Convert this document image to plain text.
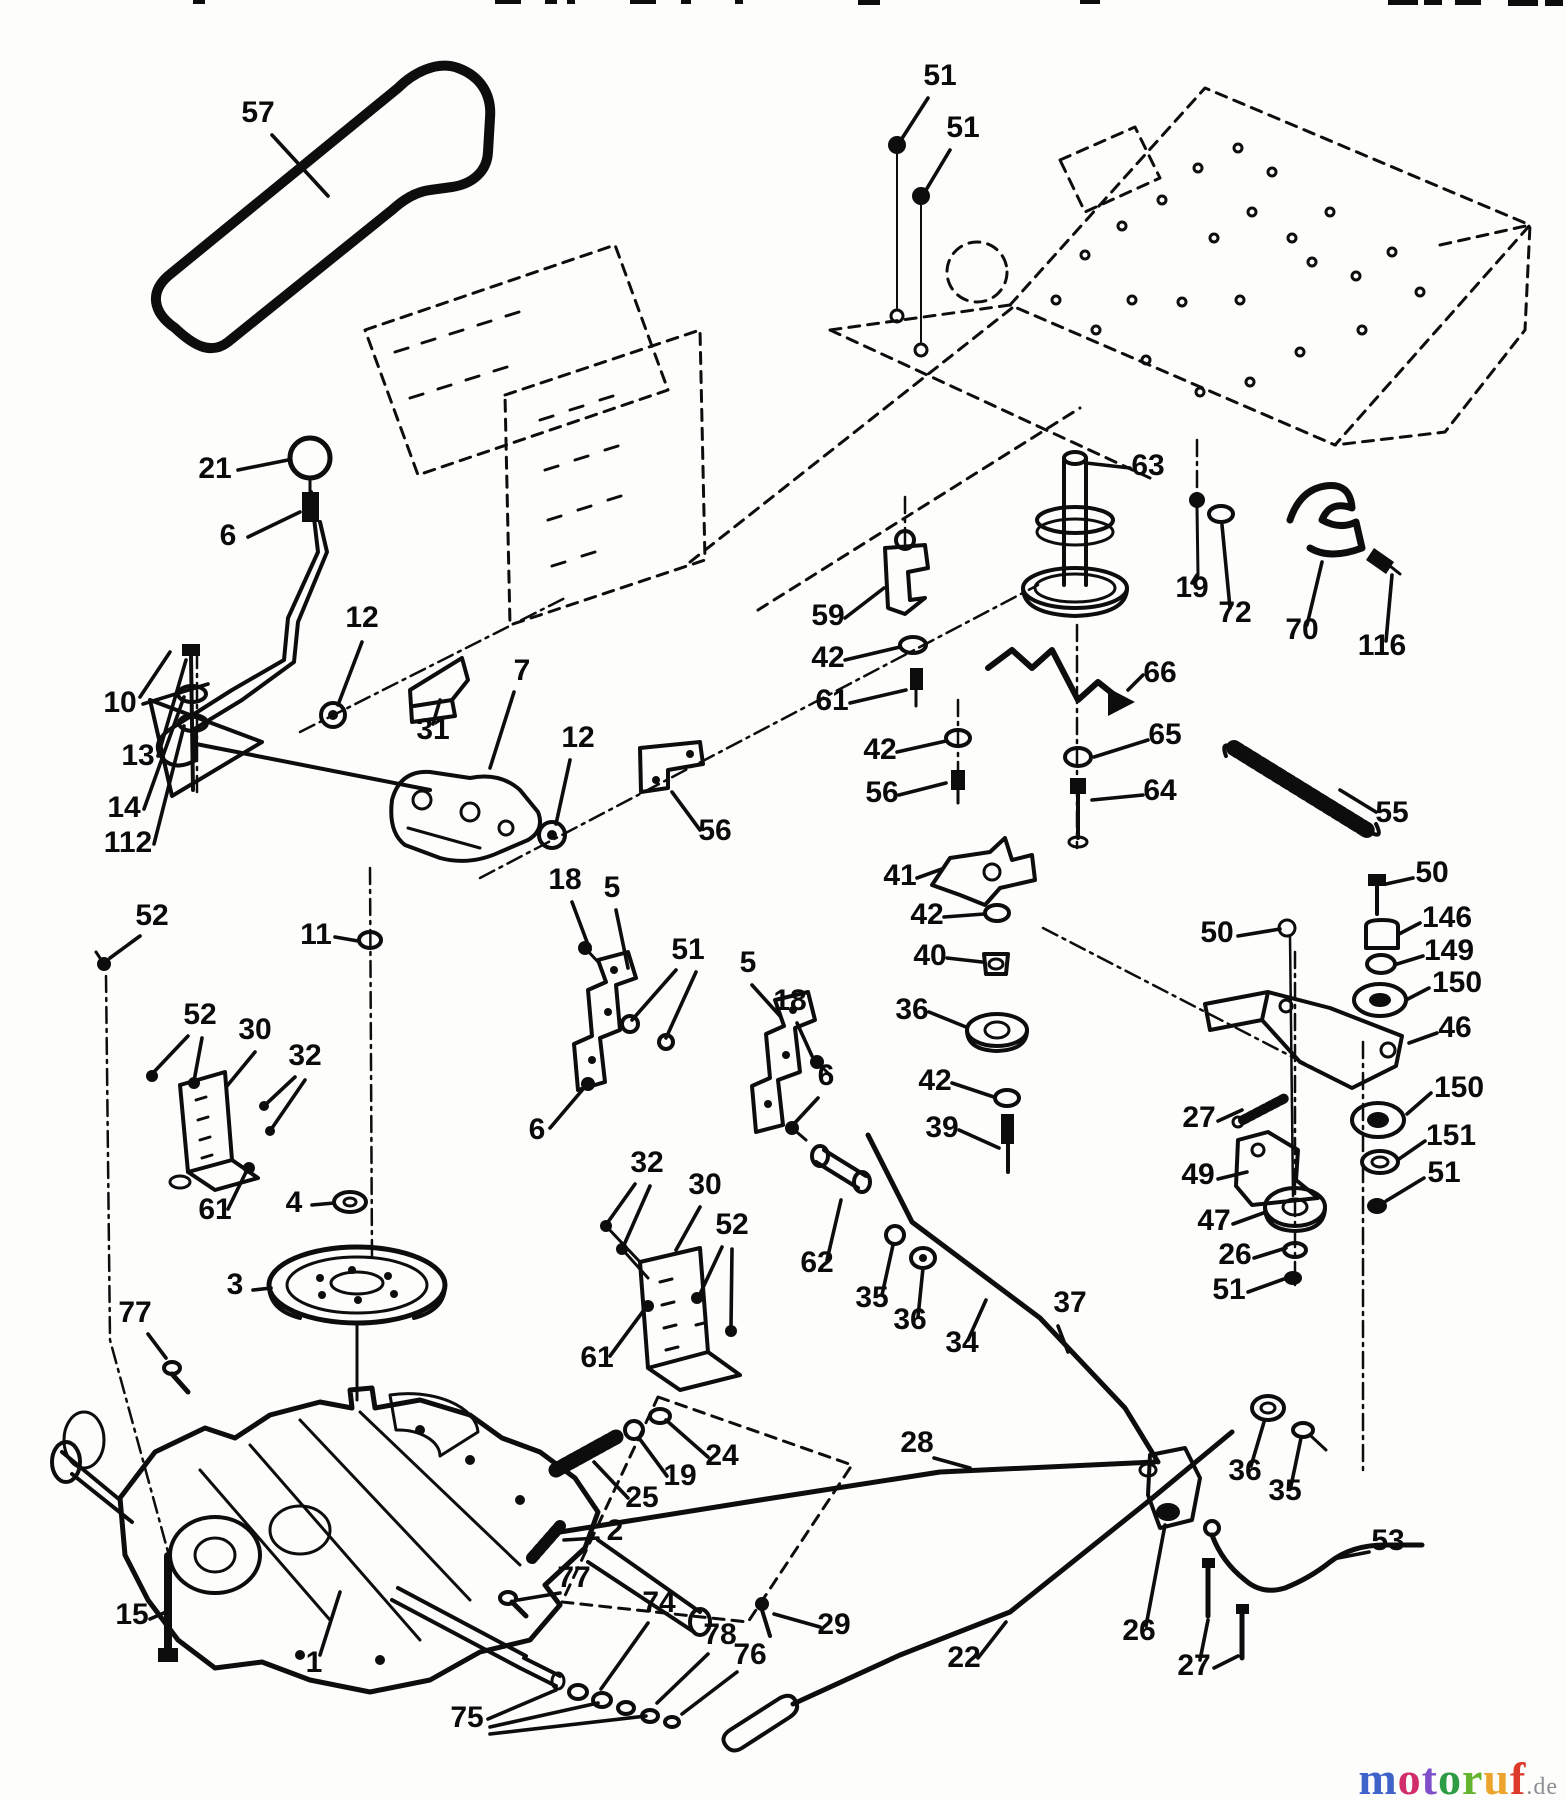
57
51
51
21
6
10
12
31
7
12
13
14
112
11
52
56
59
42
61
63
19
72
70 116
66
42
56
65
64
55
41
42
40
36
42
39
18 5
51 5
18
6
6
52 30
32
61 4
3
77
32
30
52
61
62
35
36
34
37
28
22
29
25
19
24
2
77
74
78
76
75
15
1
50
146
149
150
46
150
151
51
50
27
49
47
26
51
36
35
26
27
53
motoruf.de
